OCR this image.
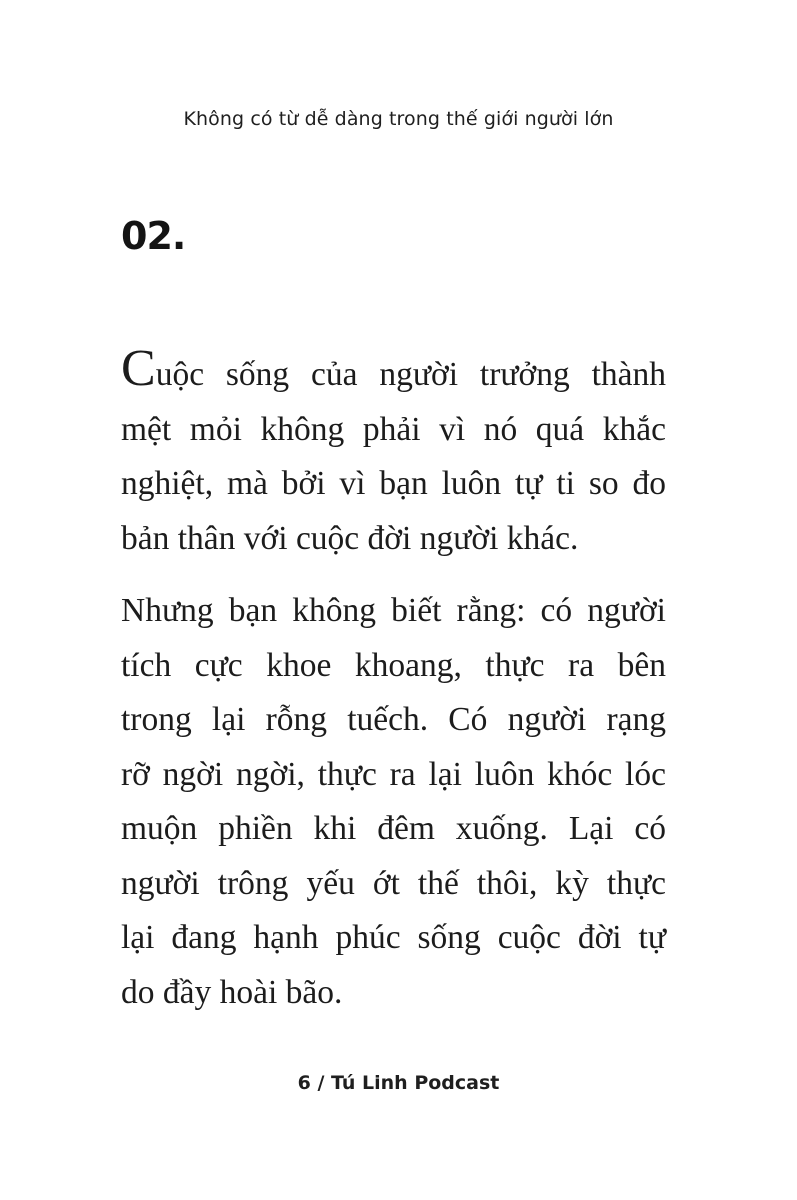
Không có từ dễ dàng trong thế giới người lớn
02.

Cuộc sống của người trưởng thành
mệt mỏi không phải vì nó quá khắc
nghiệt, mà bởi vì bạn luôn tự ti so đo
bản thân với cuộc đời người khác.

Nhưng bạn không biết rằng: có người
tích cực khoe khoang, thực ra bên
trong lại rỗng tuếch. Có người rạng
rỡ ngời ngời, thực ra lại luôn khóc lóc
muộn phiền khi đêm xuống. Lại có
người trông yếu ớt thế thôi, kỳ thực
lại đang hạnh phúc sống cuộc đời tự
do đầy hoài bão.

6 / Tú Linh Podcast
